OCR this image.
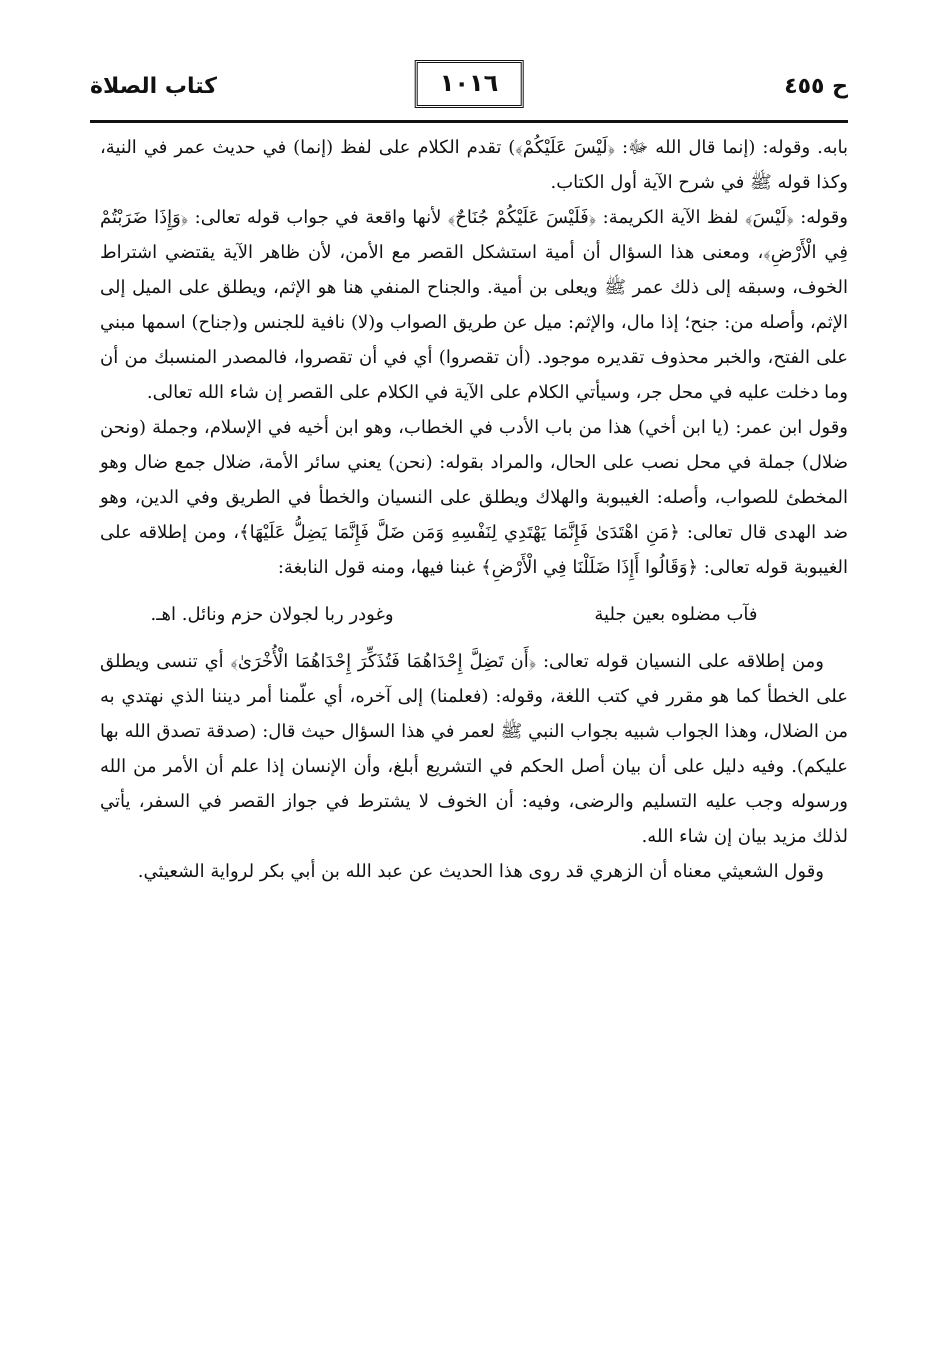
كتاب الصلاة	١٠١٦	ح ٤٥٥

بابه. وقوله: (إنما قال الله ﷻ: ﴿لَيْسَ عَلَيْكُمْ﴾) تقدم الكلام على لفظ (إنما) في حديث عمر في النية، وكذا قوله ﷺ في شرح الآية أول الكتاب.

وقوله: ﴿لَيْسَ﴾ لفظ الآية الكريمة: ﴿فَلَيْسَ عَلَيْكُمْ جُنَاحٌ﴾ لأنها واقعة في جواب قوله تعالى: ﴿وَإِذَا ضَرَبْتُمْ فِي الْأَرْضِ﴾، ومعنى هذا السؤال أن أمية استشكل القصر مع الأمن، لأن ظاهر الآية يقتضي اشتراط الخوف، وسبقه إلى ذلك عمر ﷺ ويعلى بن أمية. والجناح المنفي هنا هو الإثم، ويطلق على الميل إلى الإثم، وأصله من: جنح؛ إذا مال، والإثم: ميل عن طريق الصواب و(لا) نافية للجنس و(جناح) اسمها مبني على الفتح، والخبر محذوف تقديره موجود. (أن تقصروا) أي في أن تقصروا، فالمصدر المنسبك من أن وما دخلت عليه في محل جر، وسيأتي الكلام على الآية في الكلام على القصر إن شاء الله تعالى.

وقول ابن عمر: (يا ابن أخي) هذا من باب الأدب في الخطاب، وهو ابن أخيه في الإسلام، وجملة (ونحن ضلال) جملة في محل نصب على الحال، والمراد بقوله: (نحن) يعني سائر الأمة، ضلال جمع ضال وهو المخطئ للصواب، وأصله: الغيبوبة والهلاك ويطلق على النسيان والخطأ في الطريق وفي الدين، وهو ضد الهدى قال تعالى: ﴿مَنِ اهْتَدَىٰ فَإِنَّمَا يَهْتَدِي لِنَفْسِهِ وَمَن ضَلَّ فَإِنَّمَا يَضِلُّ عَلَيْهَا﴾، ومن إطلاقه على الغيبوبة قوله تعالى: ﴿وَقَالُوا أَإِذَا ضَلَلْنَا فِي الْأَرْضِ﴾ غبنا فيها، ومنه قول النابغة:

فآب مضلوه بعين جلية
وغودر ربا لجولان حزم ونائل. اهـ.

ومن إطلاقه على النسيان قوله تعالى: ﴿أَن تَضِلَّ إِحْدَاهُمَا فَتُذَكِّرَ إِحْدَاهُمَا الْأُخْرَىٰ﴾ أي تنسى ويطلق على الخطأ كما هو مقرر في كتب اللغة، وقوله: (فعلمنا) إلى آخره، أي علّمنا أمر ديننا الذي نهتدي به من الضلال، وهذا الجواب شبيه بجواب النبي ﷺ لعمر في هذا السؤال حيث قال: (صدقة تصدق الله بها عليكم). وفيه دليل على أن بيان أصل الحكم في التشريع أبلغ، وأن الإنسان إذا علم أن الأمر من الله ورسوله وجب عليه التسليم والرضى، وفيه: أن الخوف لا يشترط في جواز القصر في السفر، يأتي لذلك مزيد بيان إن شاء الله.

وقول الشعيثي معناه أن الزهري قد روى هذا الحديث عن عبد الله بن أبي بكر لرواية الشعيثي.
